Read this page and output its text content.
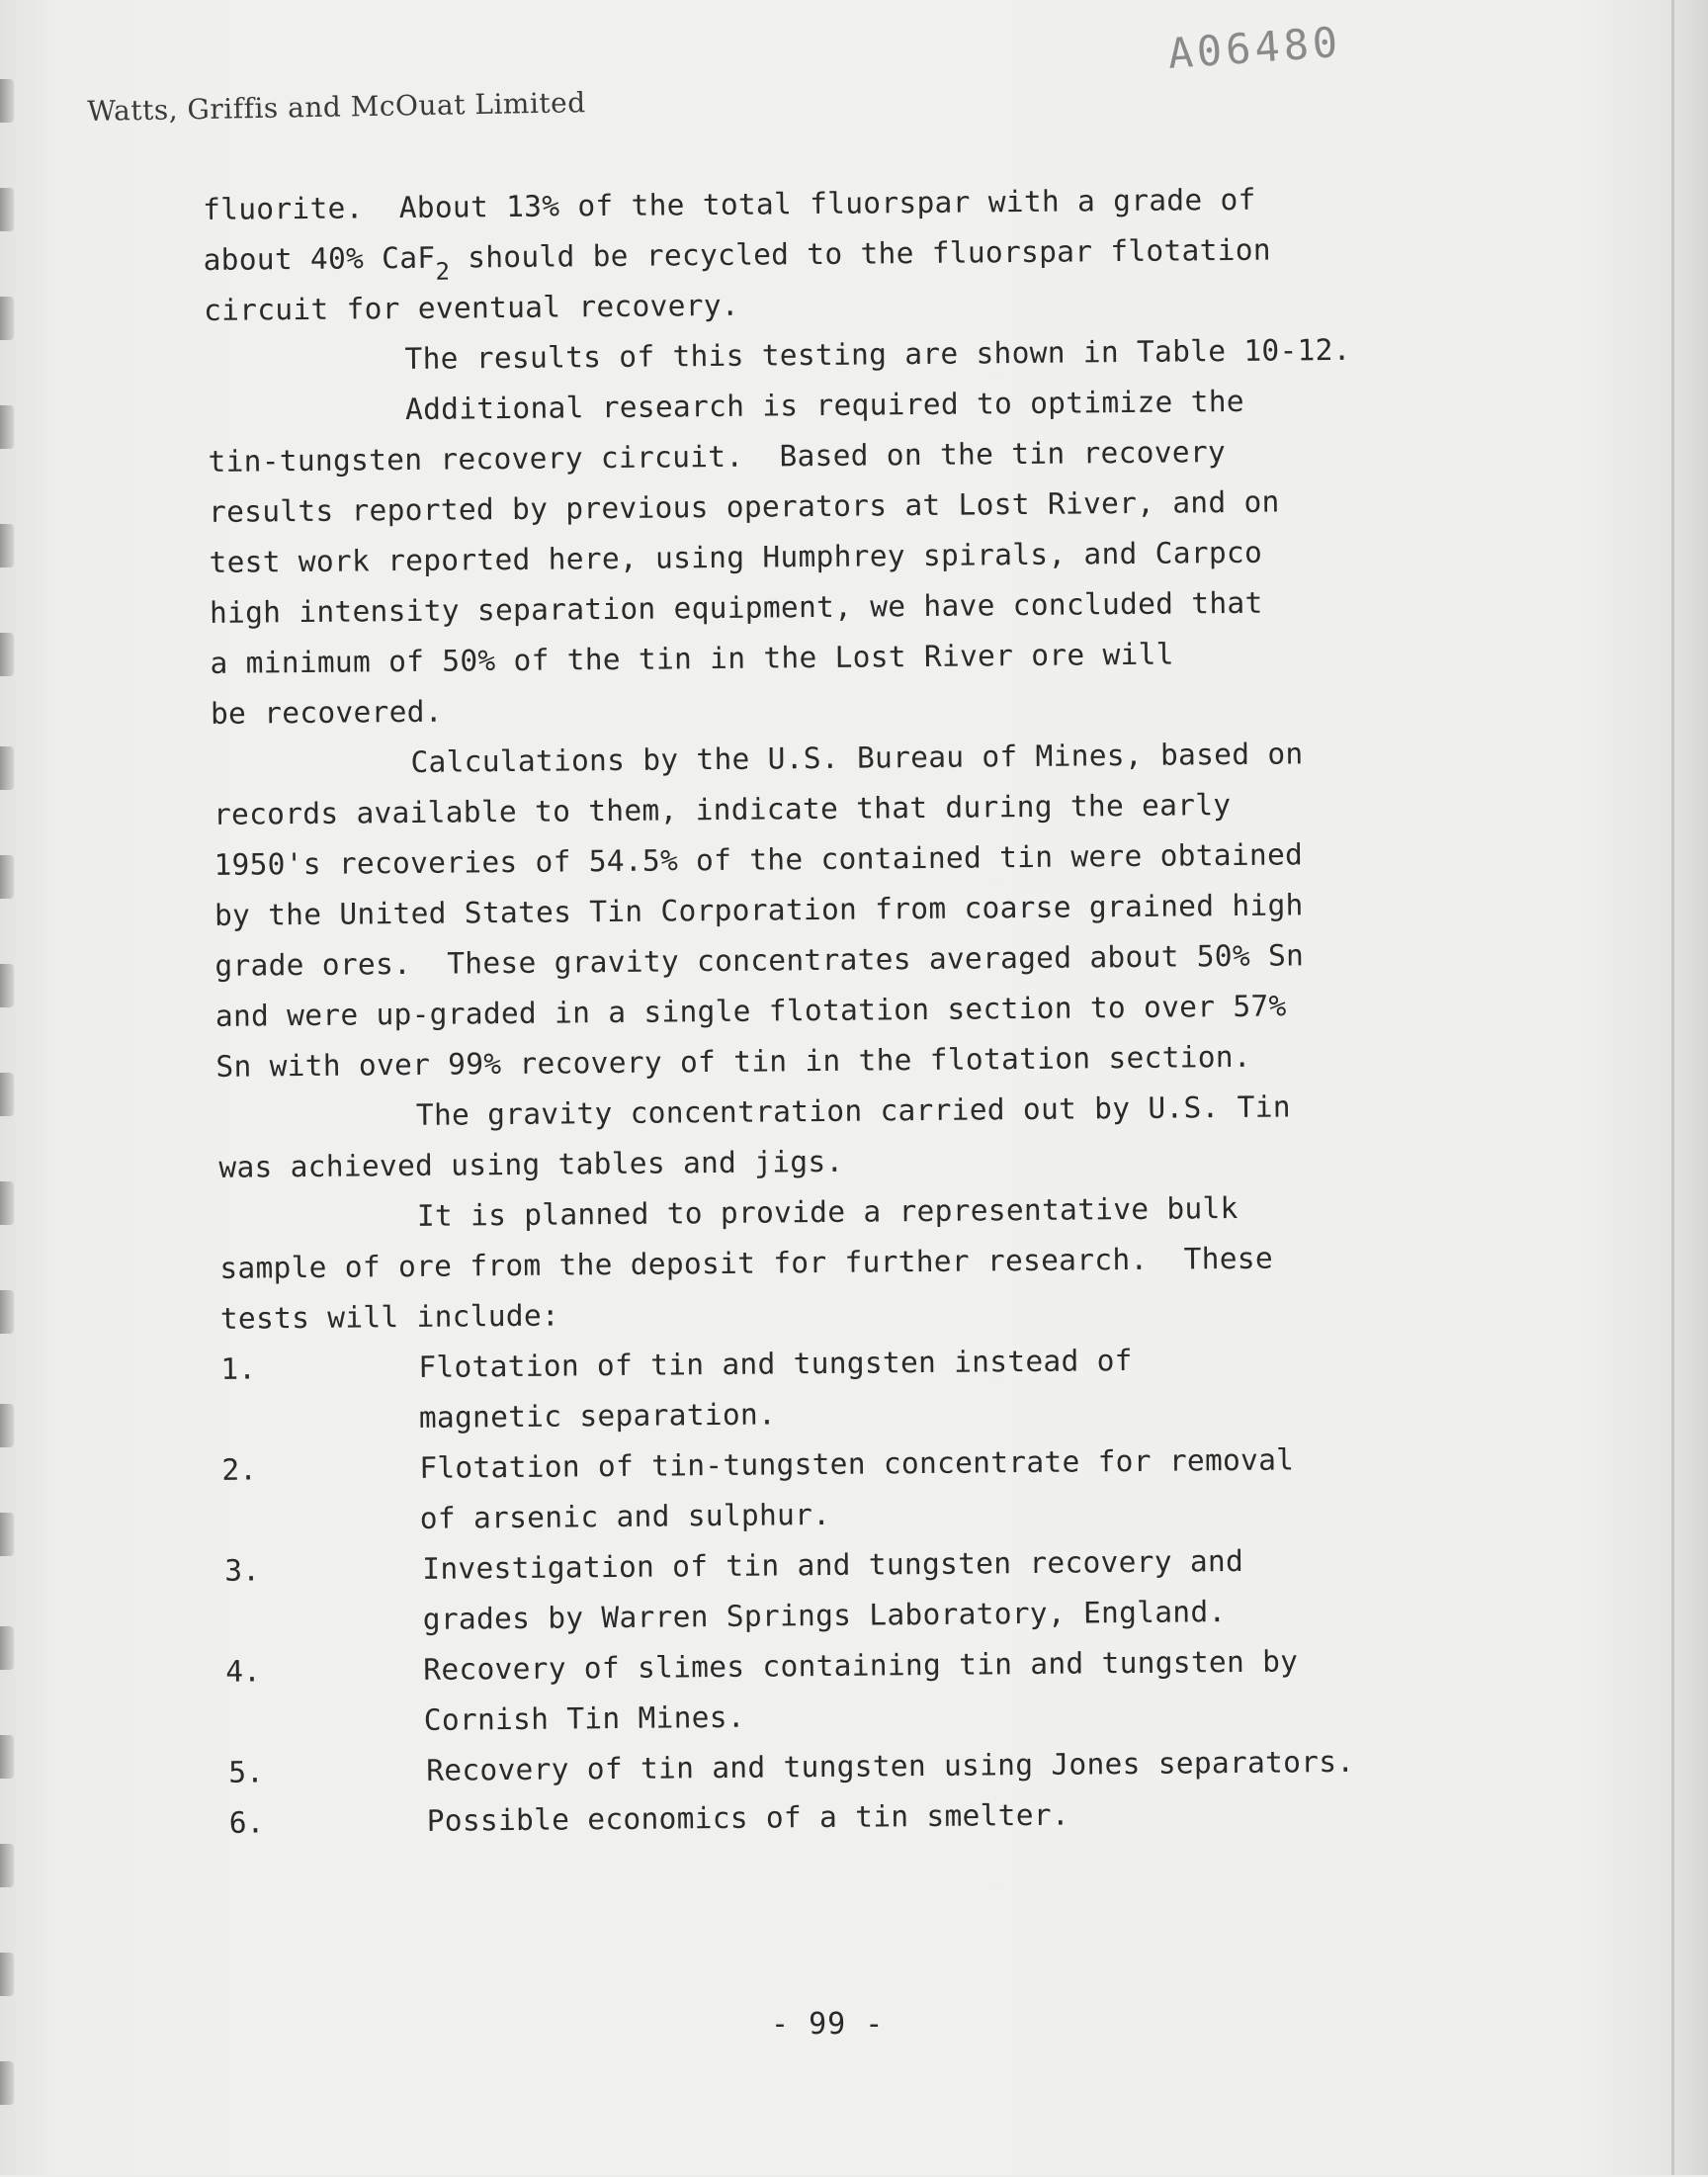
Watts, Griffis and McOuat Limited
A06480
fluorite.  About 13% of the total fluorspar with a grade of
about 40% CaF$_2$ should be recycled to the fluorspar flotation
circuit for eventual recovery.
The results of this testing are shown in Table 10-12.
Additional research is required to optimize the
tin-tungsten recovery circuit.  Based on the tin recovery
results reported by previous operators at Lost River, and on
test work reported here, using Humphrey spirals, and Carpco
high intensity separation equipment, we have concluded that
a minimum of 50% of the tin in the Lost River ore will
be recovered.
Calculations by the U.S. Bureau of Mines, based on
records available to them, indicate that during the early
1950's recoveries of 54.5% of the contained tin were obtained
by the United States Tin Corporation from coarse grained high
grade ores.  These gravity concentrates averaged about 50% Sn
and were up-graded in a single flotation section to over 57%
Sn with over 99% recovery of tin in the flotation section.
The gravity concentration carried out by U.S. Tin
was achieved using tables and jigs.
It is planned to provide a representative bulk
sample of ore from the deposit for further research.  These
tests will include:
1.	Flotation of tin and tungsten instead of
magnetic separation.
2.	Flotation of tin-tungsten concentrate for removal
of arsenic and sulphur.
3.	Investigation of tin and tungsten recovery and
grades by Warren Springs Laboratory, England.
4.	Recovery of slimes containing tin and tungsten by
Cornish Tin Mines.
5.	Recovery of tin and tungsten using Jones separators.
6.	Possible economics of a tin smelter.
- 99 -
